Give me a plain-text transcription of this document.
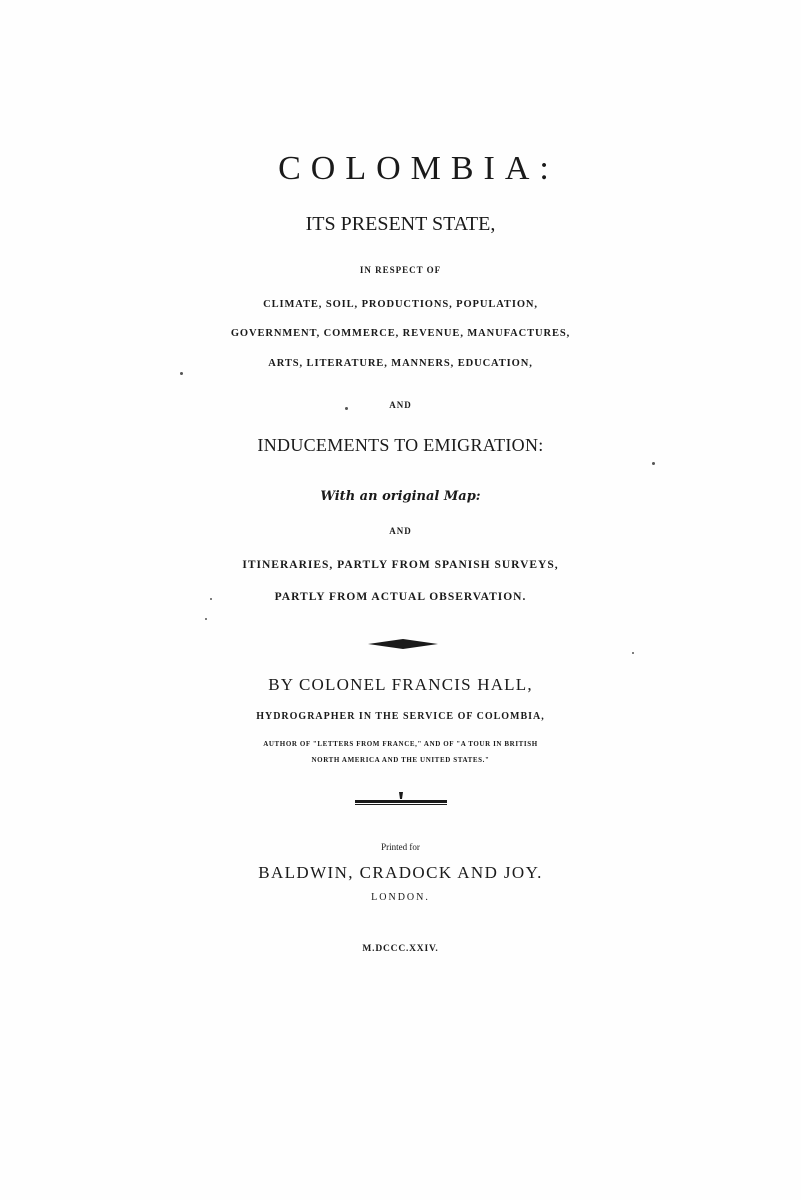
COLOMBIA:
ITS PRESENT STATE,
IN RESPECT OF
CLIMATE, SOIL, PRODUCTIONS, POPULATION,
GOVERNMENT, COMMERCE, REVENUE, MANUFACTURES,
ARTS, LITERATURE, MANNERS, EDUCATION,
AND
INDUCEMENTS TO EMIGRATION:
With an original Map:
AND
ITINERARIES, PARTLY FROM SPANISH SURVEYS,
PARTLY FROM ACTUAL OBSERVATION.
BY COLONEL FRANCIS HALL,
HYDROGRAPHER IN THE SERVICE OF COLOMBIA,
AUTHOR OF "LETTERS FROM FRANCE," AND OF "A TOUR IN BRITISH
NORTH AMERICA AND THE UNITED STATES."
Printed for
BALDWIN, CRADOCK AND JOY.
LONDON.
M.DCCC.XXIV.
